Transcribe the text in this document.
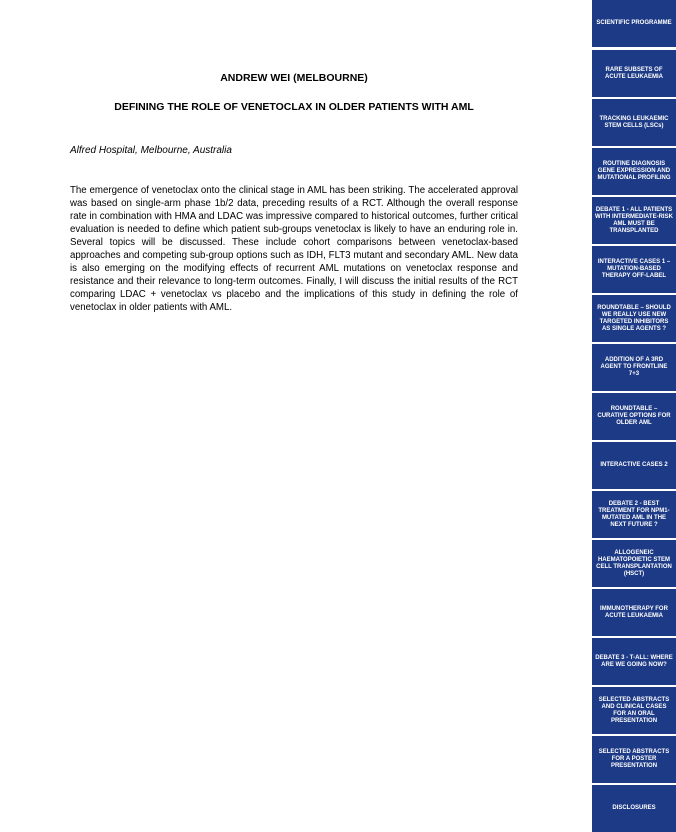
ANDREW WEI (MELBOURNE)
DEFINING THE ROLE OF VENETOCLAX IN OLDER PATIENTS WITH AML
Alfred Hospital, Melbourne, Australia
The emergence of venetoclax onto the clinical stage in AML has been striking. The accelerated approval was based on single-arm phase 1b/2 data, preceding results of a RCT. Although the overall response rate in combination with HMA and LDAC was impressive compared to historical outcomes, further critical evaluation is needed to define which patient sub-groups venetoclax is likely to have an enduring role in. Several topics will be discussed. These include cohort comparisons between venetoclax-based approaches and competing sub-group options such as IDH, FLT3 mutant and secondary AML. New data is also emerging on the modifying effects of recurrent AML mutations on venetoclax response and resistance and their relevance to long-term outcomes. Finally, I will discuss the initial results of the RCT comparing LDAC + venetoclax vs placebo and the implications of this study in defining the role of venetoclax in older patients with AML.
SCIENTIFIC PROGRAMME
RARE SUBSETS OF ACUTE LEUKAEMIA
TRACKING LEUKAEMIC STEM CELLS (LSCs)
ROUTINE DIAGNOSIS GENE EXPRESSION AND MUTATIONAL PROFILING
DEBATE 1 - ALL PATIENTS WITH INTERMEDIATE-RISK AML MUST BE TRANSPLANTED
INTERACTIVE CASES 1 – MUTATION-BASED THERAPY OFF-LABEL
ROUNDTABLE – SHOULD WE REALLY USE NEW TARGETED INHIBITORS AS SINGLE AGENTS ?
ADDITION OF A 3RD AGENT TO FRONTLINE 7+3
ROUNDTABLE – CURATIVE OPTIONS FOR OLDER AML
INTERACTIVE CASES 2
DEBATE 2 - BEST TREATMENT FOR NPM1-MUTATED AML IN THE NEXT FUTURE ?
ALLOGENEIC HAEMATOPOIETIC STEM CELL TRANSPLANTATION (HSCT)
IMMUNOTHERAPY FOR ACUTE LEUKAEMIA
DEBATE 3 - T-ALL: WHERE ARE WE GOING NOW?
SELECTED ABSTRACTS AND CLINICAL CASES FOR AN ORAL PRESENTATION
SELECTED ABSTRACTS FOR A POSTER PRESENTATION
DISCLOSURES
